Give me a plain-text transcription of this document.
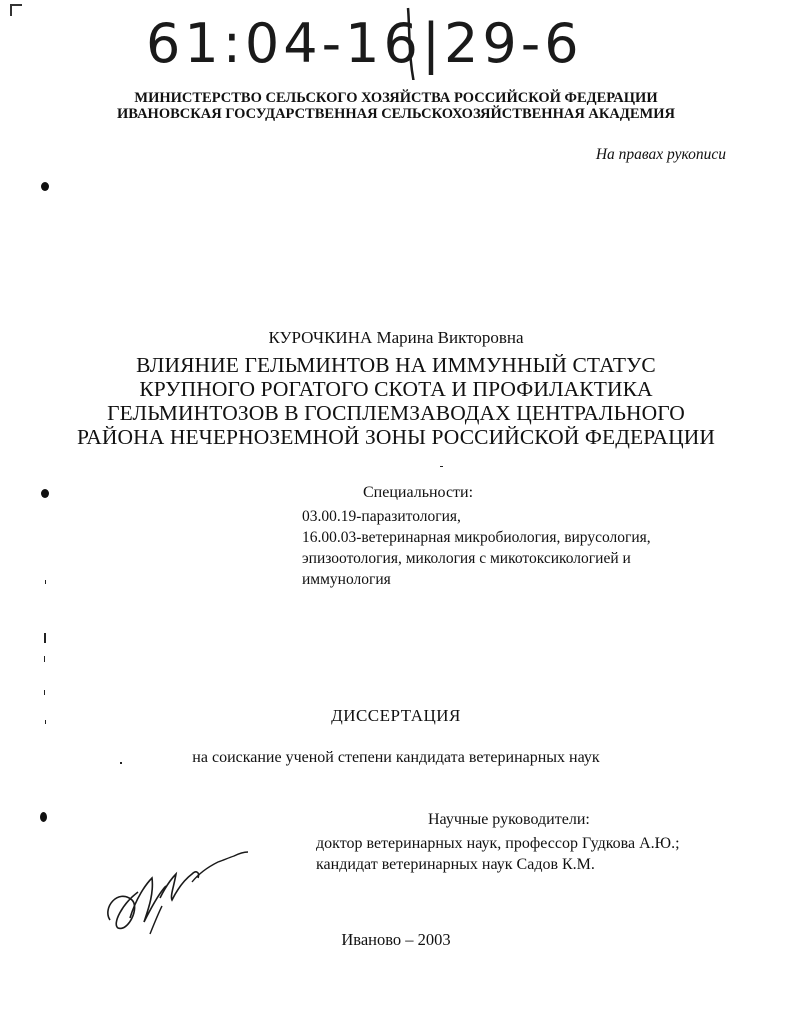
61:04-16|29-6
МИНИСТЕРСТВО СЕЛЬСКОГО ХОЗЯЙСТВА РОССИЙСКОЙ ФЕДЕРАЦИИ
ИВАНОВСКАЯ ГОСУДАРСТВЕННАЯ СЕЛЬСКОХОЗЯЙСТВЕННАЯ АКАДЕМИЯ
На правах рукописи
КУРОЧКИНА Марина Викторовна
ВЛИЯНИЕ ГЕЛЬМИНТОВ НА ИММУННЫЙ СТАТУС
КРУПНОГО РОГАТОГО СКОТА И ПРОФИЛАКТИКА
ГЕЛЬМИНТОЗОВ В ГОСПЛЕМЗАВОДАХ ЦЕНТРАЛЬНОГО
РАЙОНА НЕЧЕРНОЗЕМНОЙ ЗОНЫ РОССИЙСКОЙ ФЕДЕРАЦИИ
Специальности:
03.00.19-паразитология,
16.00.03-ветеринарная микробиология, вирусология,
эпизоотология, микология с микотоксикологией и
иммунология
ДИССЕРТАЦИЯ
на соискание ученой степени кандидата ветеринарных наук
Научные руководители:
доктор ветеринарных наук, профессор Гудкова А.Ю.;
кандидат ветеринарных наук Садов К.М.
Иваново – 2003
